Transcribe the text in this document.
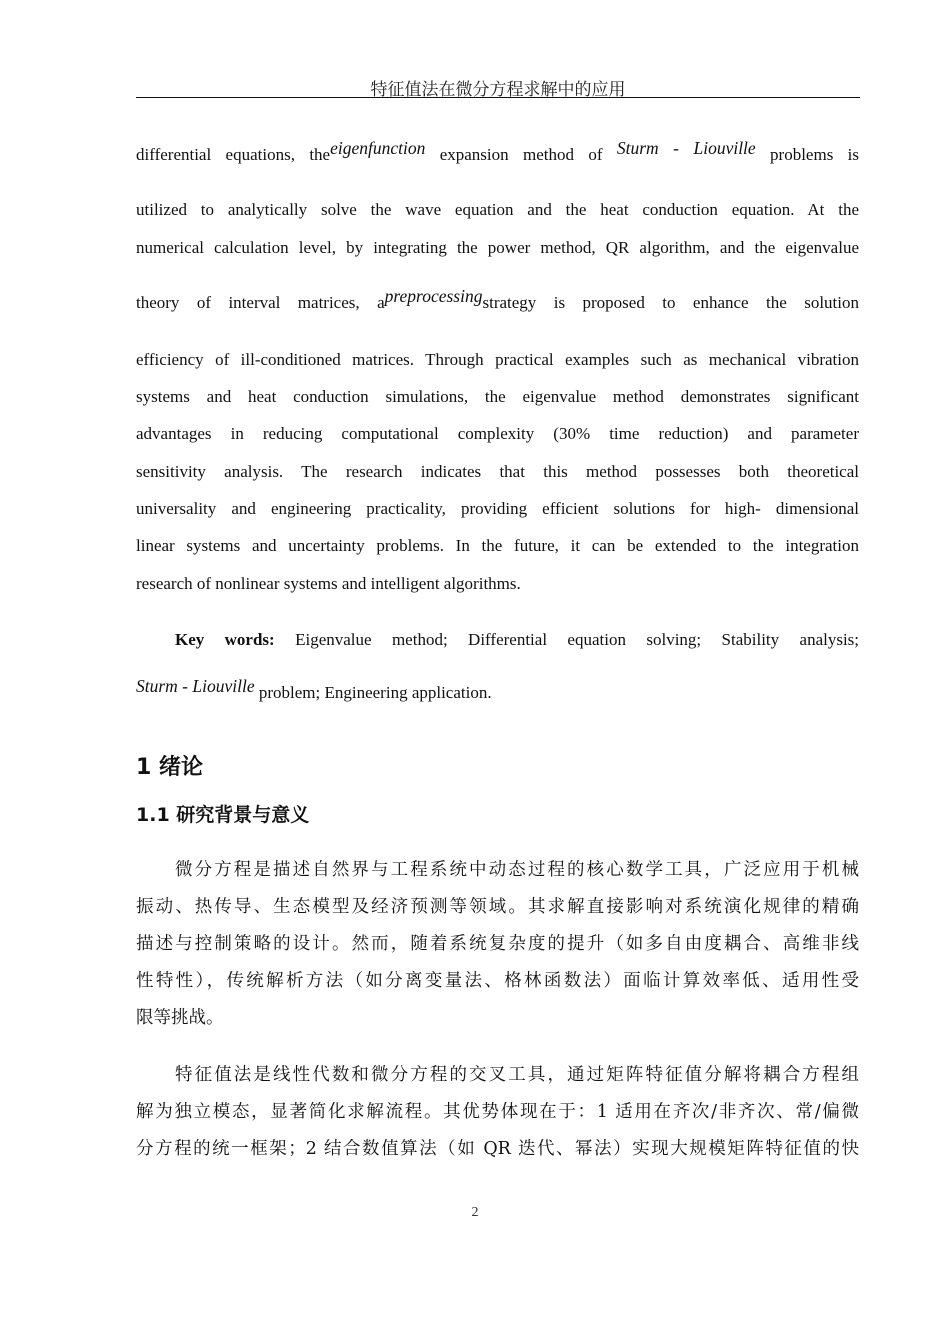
特征值法在微分方程求解中的应用
differential equations, theeigenfunction expansion method of Sturm - Liouville problems is
utilized to analytically solve the wave equation and the heat conduction equation. At the
numerical calculation level, by integrating the power method, QR algorithm, and the eigenvalue
theory of interval matrices, apreprocessingstrategy is proposed to enhance the solution
efficiency of ill-conditioned matrices. Through practical examples such as mechanical vibration
systems and heat conduction simulations, the eigenvalue method demonstrates significant
advantages in reducing computational complexity (30% time reduction) and parameter
sensitivity analysis. The research indicates that this method possesses both theoretical
universality and engineering practicality, providing efficient solutions for high- dimensional
linear systems and uncertainty problems. In the future, it can be extended to the integration
research of nonlinear systems and intelligent algorithms.
Key words: Eigenvalue method; Differential equation solving; Stability analysis;
Sturm - Liouville problem; Engineering application.
1 绪论
1.1 研究背景与意义
微分方程是描述自然界与工程系统中动态过程的核心数学工具，广泛应用于机械
振动、热传导、生态模型及经济预测等领域。其求解直接影响对系统演化规律的精确
描述与控制策略的设计。然而，随着系统复杂度的提升（如多自由度耦合、高维非线
性特性），传统解析方法（如分离变量法、格林函数法）面临计算效率低、适用性受
限等挑战。
特征值法是线性代数和微分方程的交叉工具，通过矩阵特征值分解将耦合方程组
解为独立模态，显著简化求解流程。其优势体现在于：1 适用在齐次/非齐次、常/偏微
分方程的统一框架；2 结合数值算法（如 QR 迭代、幂法）实现大规模矩阵特征值的快
2
